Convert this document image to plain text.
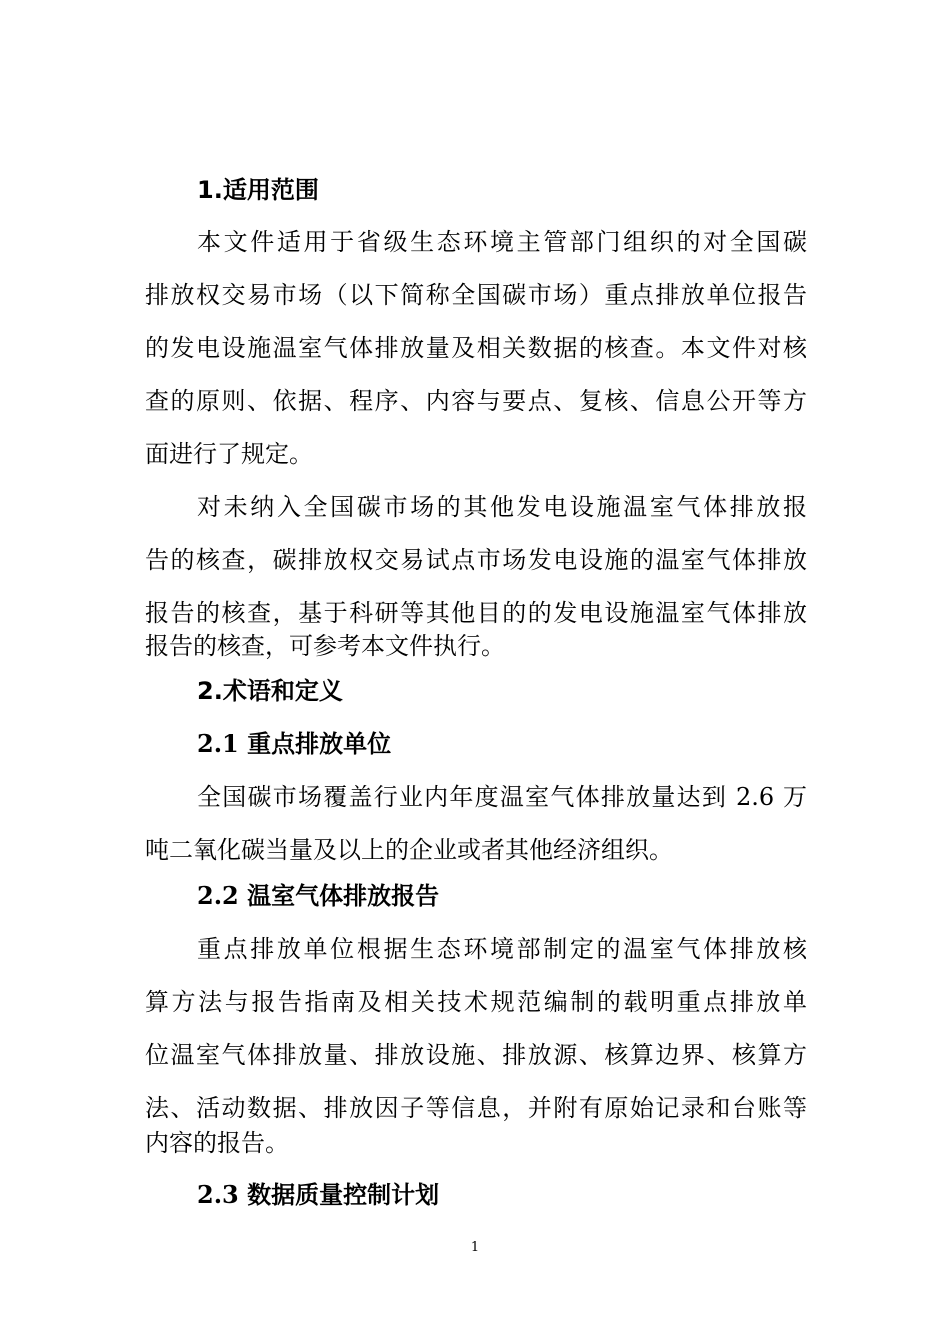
1.适用范围
本文件适用于省级生态环境主管部门组织的对全国碳
排放权交易市场（以下简称全国碳市场）重点排放单位报告
的发电设施温室气体排放量及相关数据的核查。本文件对核
查的原则、依据、程序、内容与要点、复核、信息公开等方
面进行了规定。
对未纳入全国碳市场的其他发电设施温室气体排放报
告的核查，碳排放权交易试点市场发电设施的温室气体排放
报告的核查，基于科研等其他目的的发电设施温室气体排放
报告的核查，可参考本文件执行。
2.术语和定义
2.1 重点排放单位
全国碳市场覆盖行业内年度温室气体排放量达到 2.6 万
吨二氧化碳当量及以上的企业或者其他经济组织。
2.2 温室气体排放报告
重点排放单位根据生态环境部制定的温室气体排放核
算方法与报告指南及相关技术规范编制的载明重点排放单
位温室气体排放量、排放设施、排放源、核算边界、核算方
法、活动数据、排放因子等信息，并附有原始记录和台账等
内容的报告。
2.3 数据质量控制计划
1
